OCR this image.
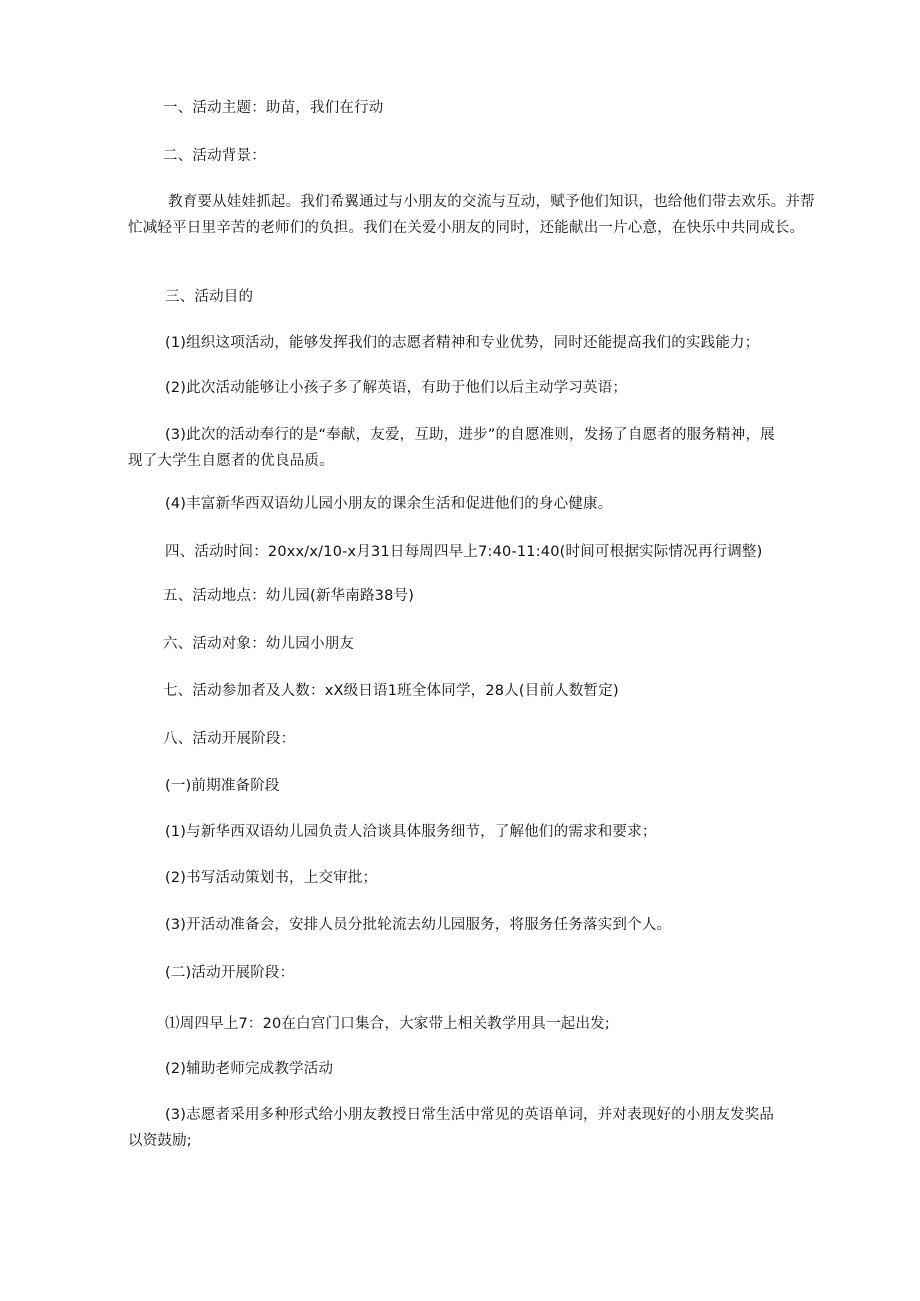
一、活动主题：助苗，我们在行动

二、活动背景：

教育要从娃娃抓起。我们希翼通过与小朋友的交流与互动，赋予他们知识，也给他们带去欢乐。并帮忙减轻平日里辛苦的老师们的负担。我们在关爱小朋友的同时，还能献出一片心意，在快乐中共同成长。

三、活动目的

(1)组织这项活动，能够发挥我们的志愿者精神和专业优势，同时还能提高我们的实践能力；

(2)此次活动能够让小孩子多了解英语，有助于他们以后主动学习英语；

(3)此次的活动奉行的是“奉献，友爱，互助，进步”的自愿准则，发扬了自愿者的服务精神，展现了大学生自愿者的优良品质。

(4)丰富新华西双语幼儿园小朋友的课余生活和促进他们的身心健康。

四、活动时间：20xx/x/10-x月31日每周四早上7:40-11:40(时间可根据实际情况再行调整)

五、活动地点：幼儿园(新华南路38号)

六、活动对象：幼儿园小朋友

七、活动参加者及人数：xX级日语1班全体同学，28人(目前人数暂定)

八、活动开展阶段：

(一)前期准备阶段

(1)与新华西双语幼儿园负责人洽谈具体服务细节，了解他们的需求和要求；

(2)书写活动策划书，上交审批；

(3)开活动准备会，安排人员分批轮流去幼儿园服务，将服务任务落实到个人。

(二)活动开展阶段：

⑴周四早上7：20在白宫门口集合，大家带上相关教学用具一起出发;

(2)辅助老师完成教学活动

(3)志愿者采用多种形式给小朋友教授日常生活中常见的英语单词，并对表现好的小朋友发奖品以资鼓励;
